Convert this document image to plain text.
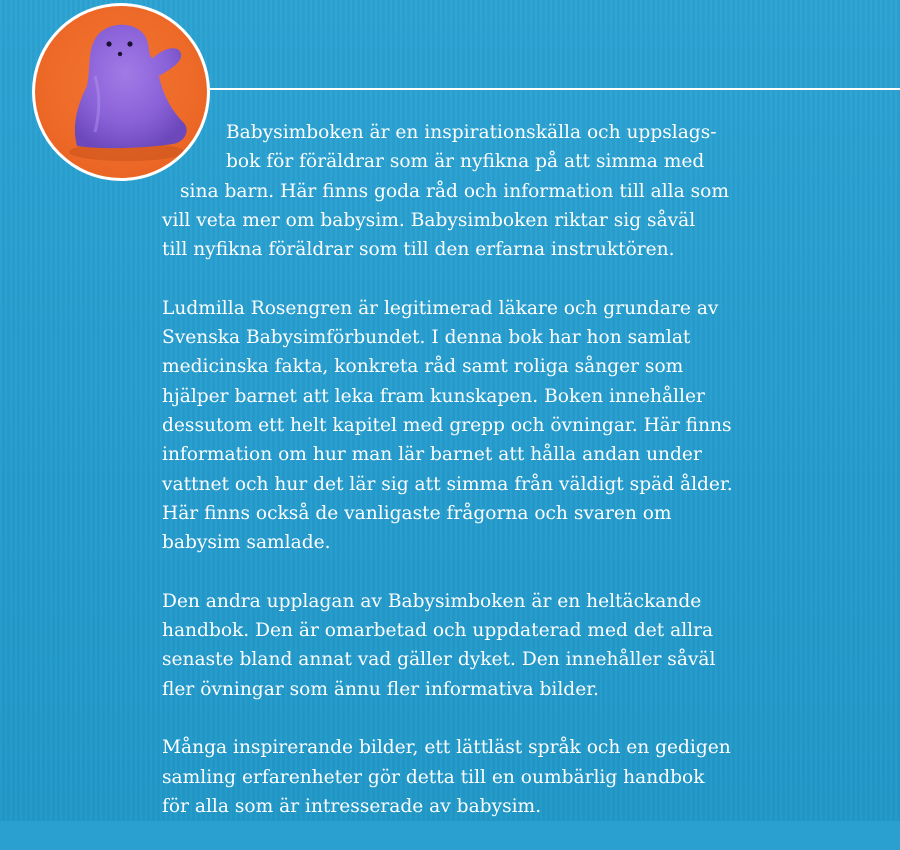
Babysimboken är en inspirationskälla och uppslags-
bok för föräldrar som är nyfikna på att simma med
sina barn. Här finns goda råd och information till alla som
vill veta mer om babysim. Babysimboken riktar sig såväl
till nyfikna föräldrar som till den erfarna instruktören.

Ludmilla Rosengren är legitimerad läkare och grundare av
Svenska Babysimförbundet. I denna bok har hon samlat
medicinska fakta, konkreta råd samt roliga sånger som
hjälper barnet att leka fram kunskapen. Boken innehåller
dessutom ett helt kapitel med grepp och övningar. Här finns
information om hur man lär barnet att hålla andan under
vattnet och hur det lär sig att simma från väldigt späd ålder.
Här finns också de vanligaste frågorna och svaren om
babysim samlade.

Den andra upplagan av Babysimboken är en heltäckande
handbok. Den är omarbetad och uppdaterad med det allra
senaste bland annat vad gäller dyket. Den innehåller såväl
fler övningar som ännu fler informativa bilder.

Många inspirerande bilder, ett lättläst språk och en gedigen
samling erfarenheter gör detta till en oumbärlig handbok
för alla som är intresserade av babysim.
